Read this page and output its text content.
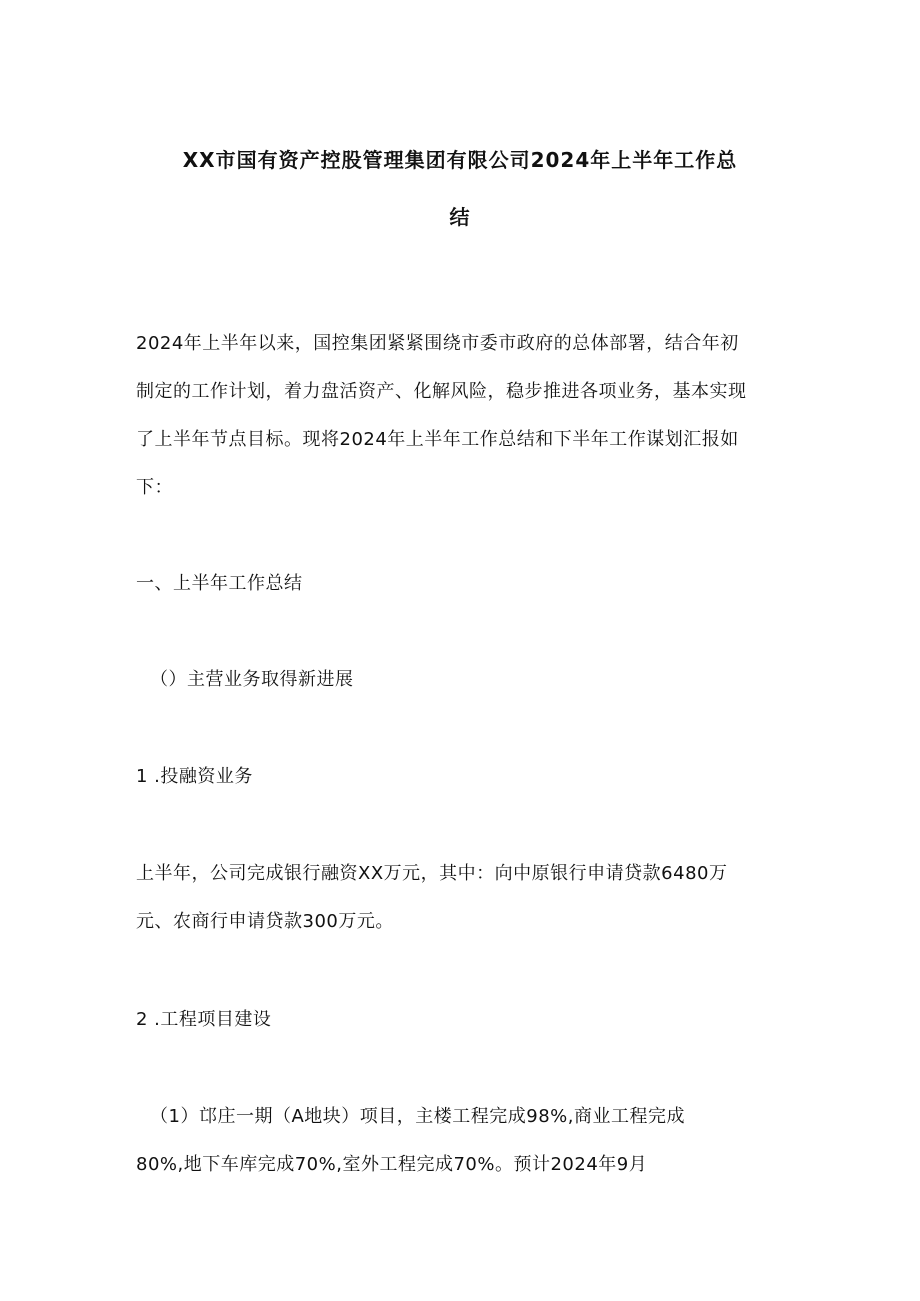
XX市国有资产控股管理集团有限公司2024年上半年工作总
结
2024年上半年以来，国控集团紧紧围绕市委市政府的总体部署，结合年初
制定的工作计划，着力盘活资产、化解风险，稳步推进各项业务，基本实现
了上半年节点目标。现将2024年上半年工作总结和下半年工作谋划汇报如
下：
一、上半年工作总结
（）主营业务取得新进展
1 .投融资业务
上半年，公司完成银行融资XX万元，其中：向中原银行申请贷款6480万
元、农商行申请贷款300万元。
2 .工程项目建设
（1）邙庄一期（A地块）项目，主楼工程完成98%,商业工程完成
80%,地下车库完成70%,室外工程完成70%。预计2024年9月
